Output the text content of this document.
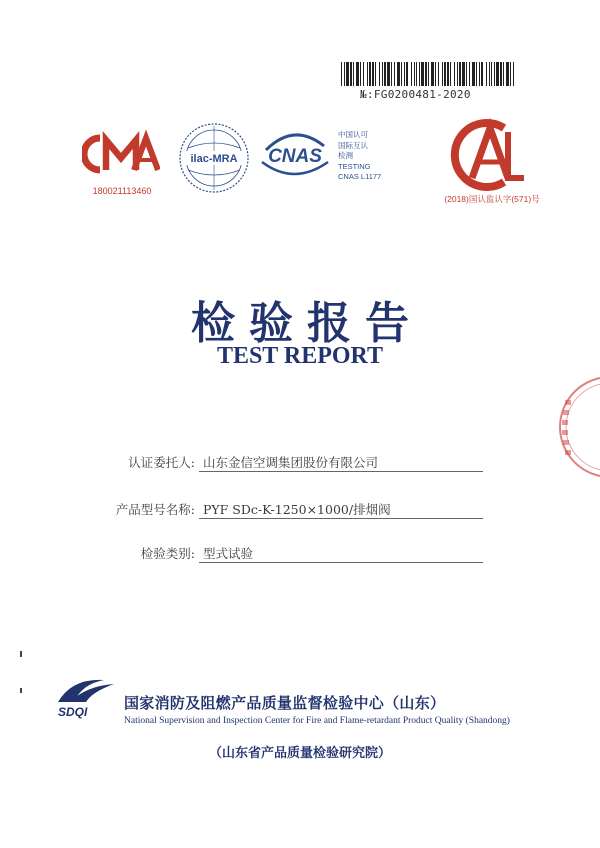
№:FG0200481-2020
180021113460
ilac-MRA CNAS
中国认可
国际互认
检测
TESTING
CNAS L1177
(2018)国认监认字(571)号
检验报告
TEST REPORT
认证委托人: 山东金信空调集团股份有限公司
产品型号名称: PYF SDc-K-1250×1000/排烟阀
检验类别: 型式试验
SDQI 国家消防及阻燃产品质量监督检验中心（山东）
National Supervision and Inspection Center for Fire and Flame-retardant Product Quality (Shandong)
（山东省产品质量检验研究院）
